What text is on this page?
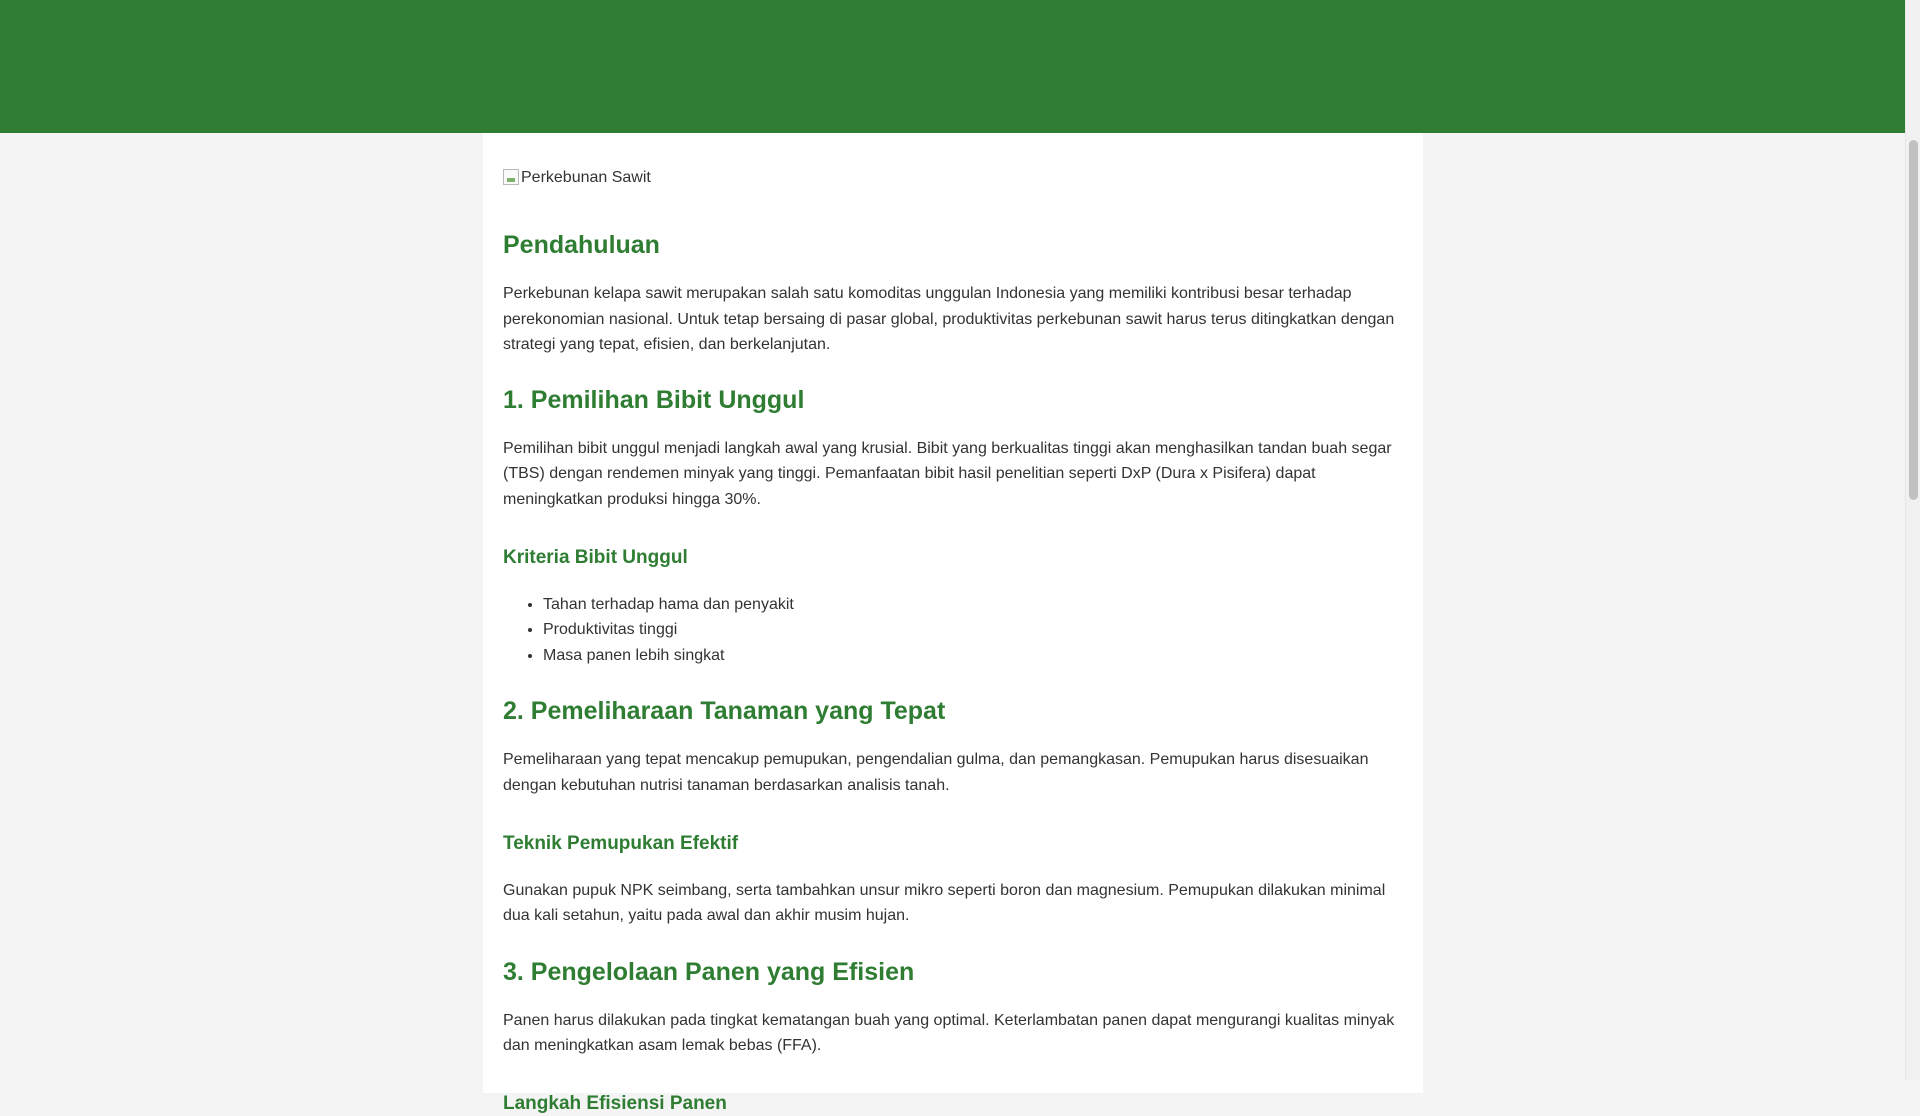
Perkebunan Sawit
Pendahuluan

Perkebunan kelapa sawit merupakan salah satu komoditas unggulan Indonesia yang memiliki kontribusi besar terhadap perekonomian nasional. Untuk tetap bersaing di pasar global, produktivitas perkebunan sawit harus terus ditingkatkan dengan strategi yang tepat, efisien, dan berkelanjutan.

1. Pemilihan Bibit Unggul

Pemilihan bibit unggul menjadi langkah awal yang krusial. Bibit yang berkualitas tinggi akan menghasilkan tandan buah segar (TBS) dengan rendemen minyak yang tinggi. Pemanfaatan bibit hasil penelitian seperti DxP (Dura x Pisifera) dapat meningkatkan produksi hingga 30%.

Kriteria Bibit Unggul
• Tahan terhadap hama dan penyakit
• Produktivitas tinggi
• Masa panen lebih singkat
2. Pemeliharaan Tanaman yang Tepat

Pemeliharaan yang tepat mencakup pemupukan, pengendalian gulma, dan pemangkasan. Pemupukan harus disesuaikan dengan kebutuhan nutrisi tanaman berdasarkan analisis tanah.

Teknik Pemupukan Efektif

Gunakan pupuk NPK seimbang, serta tambahkan unsur mikro seperti boron dan magnesium. Pemupukan dilakukan minimal dua kali setahun, yaitu pada awal dan akhir musim hujan.

3. Pengelolaan Panen yang Efisien

Panen harus dilakukan pada tingkat kematangan buah yang optimal. Keterlambatan panen dapat mengurangi kualitas minyak dan meningkatkan asam lemak bebas (FFA).

Langkah Efisiensi Panen
